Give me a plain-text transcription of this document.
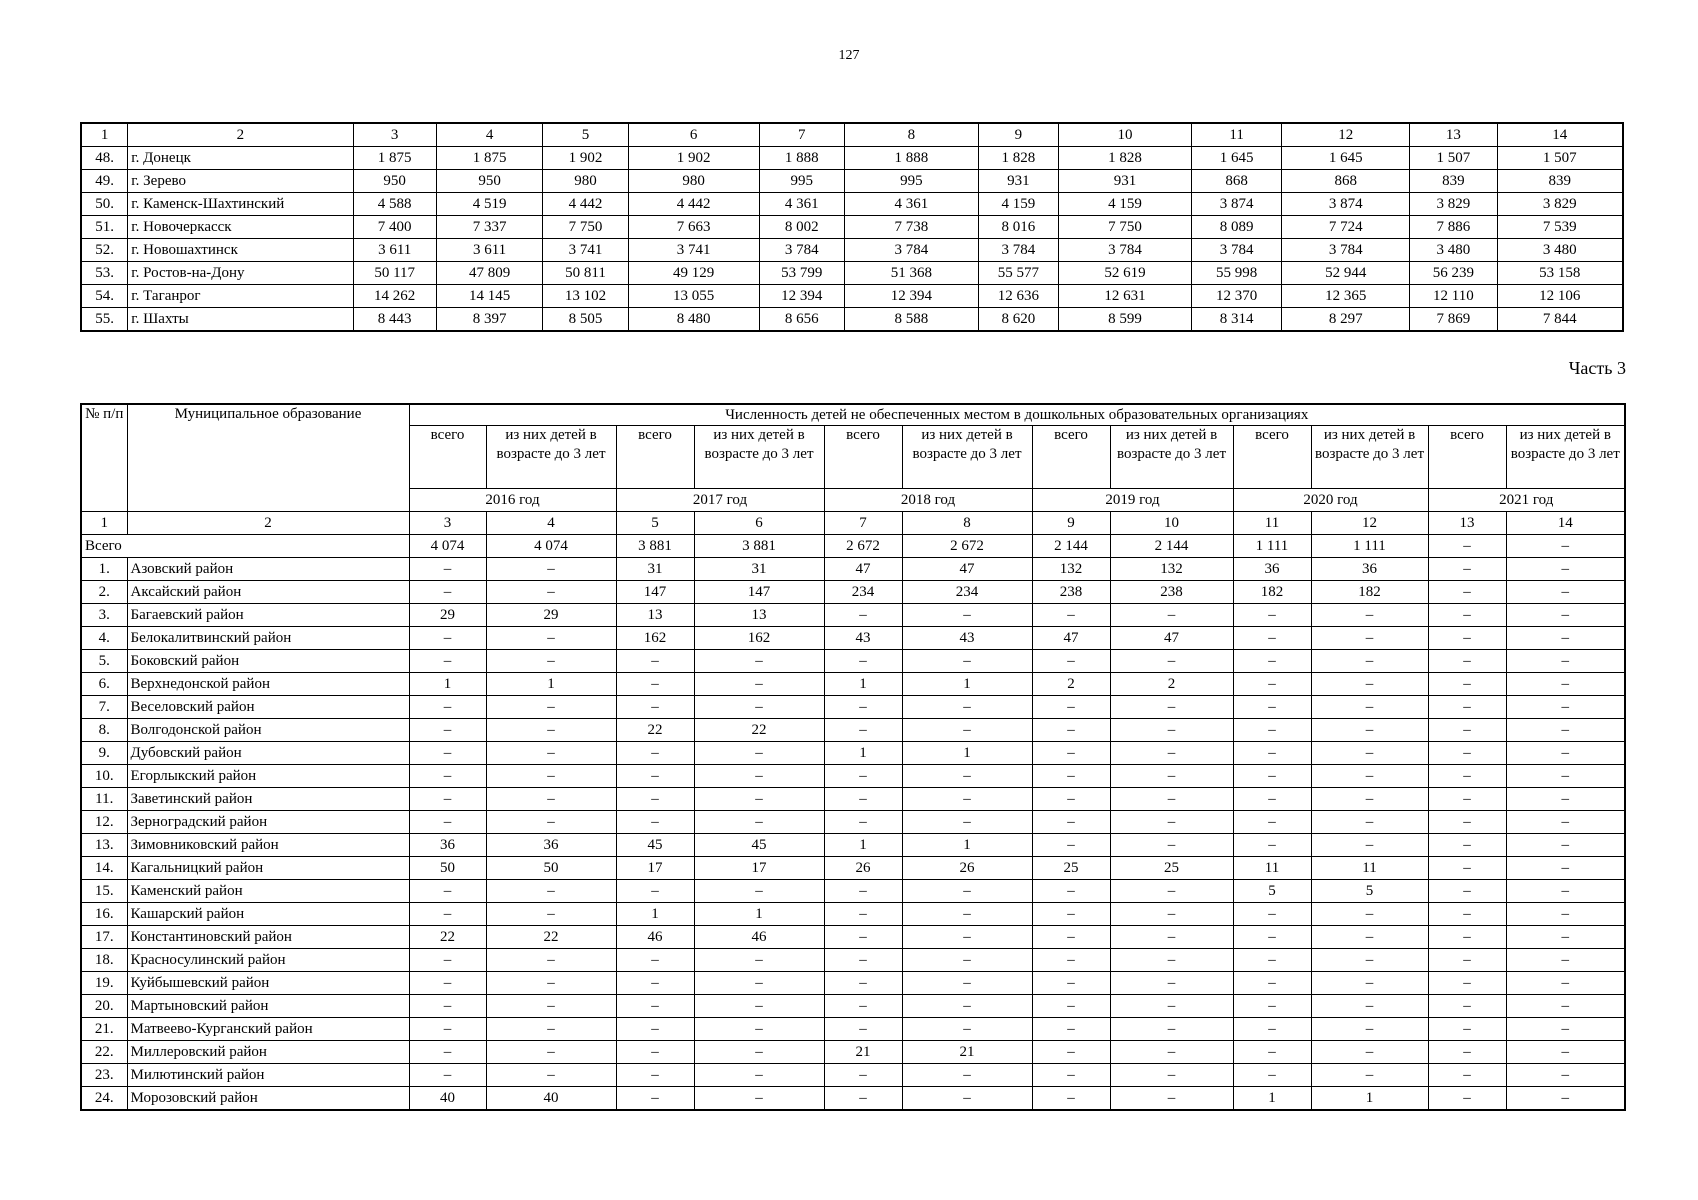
127
1	2	3	4	5	6	7	8	9	10	11	12	13	14
48.	г. Донецк	1 875	1 875	1 902	1 902	1 888	1 888	1 828	1 828	1 645	1 645	1 507	1 507
49.	г. Зерево	950	950	980	980	995	995	931	931	868	868	839	839
50.	г. Каменск-Шахтинский	4 588	4 519	4 442	4 442	4 361	4 361	4 159	4 159	3 874	3 874	3 829	3 829
51.	г. Новочеркасск	7 400	7 337	7 750	7 663	8 002	7 738	8 016	7 750	8 089	7 724	7 886	7 539
52.	г. Новошахтинск	3 611	3 611	3 741	3 741	3 784	3 784	3 784	3 784	3 784	3 784	3 480	3 480
53.	г. Ростов-на-Дону	50 117	47 809	50 811	49 129	53 799	51 368	55 577	52 619	55 998	52 944	56 239	53 158
54.	г. Таганрог	14 262	14 145	13 102	13 055	12 394	12 394	12 636	12 631	12 370	12 365	12 110	12 106
55.	г. Шахты	8 443	8 397	8 505	8 480	8 656	8 588	8 620	8 599	8 314	8 297	7 869	7 844
Часть 3
№ п/п	Муниципальное образование	Численность детей не обеспеченных местом в дошкольных образовательных организациях											
		всего	из них детей в возрасте до 3 лет	всего	из них детей в возрасте до 3 лет	всего	из них детей в возрасте до 3 лет	всего	из них детей в возрасте до 3 лет	всего	из них детей в возрасте до 3 лет	всего	из них детей в возрасте до 3 лет
		2016 год		2017 год		2018 год		2019 год		2020 год		2021 год	
1	2	3	4	5	6	7	8	9	10	11	12	13	14
Всего		4 074	4 074	3 881	3 881	2 672	2 672	2 144	2 144	1 111	1 111	–	–
1.	Азовский район	–	–	31	31	47	47	132	132	36	36	–	–
2.	Аксайский район	–	–	147	147	234	234	238	238	182	182	–	–
3.	Багаевский район	29	29	13	13	–	–	–	–	–	–	–	–
4.	Белокалитвинский район	–	–	162	162	43	43	47	47	–	–	–	–
5.	Боковский район	–	–	–	–	–	–	–	–	–	–	–	–
6.	Верхнедонской район	1	1	–	–	1	1	2	2	–	–	–	–
7.	Веселовский район	–	–	–	–	–	–	–	–	–	–	–	–
8.	Волгодонской район	–	–	22	22	–	–	–	–	–	–	–	–
9.	Дубовский район	–	–	–	–	1	1	–	–	–	–	–	–
10.	Егорлыкский район	–	–	–	–	–	–	–	–	–	–	–	–
11.	Заветинский район	–	–	–	–	–	–	–	–	–	–	–	–
12.	Зерноградский район	–	–	–	–	–	–	–	–	–	–	–	–
13.	Зимовниковский район	36	36	45	45	1	1	–	–	–	–	–	–
14.	Кагальницкий район	50	50	17	17	26	26	25	25	11	11	–	–
15.	Каменский район	–	–	–	–	–	–	–	–	5	5	–	–
16.	Кашарский район	–	–	1	1	–	–	–	–	–	–	–	–
17.	Константиновский район	22	22	46	46	–	–	–	–	–	–	–	–
18.	Красносулинский район	–	–	–	–	–	–	–	–	–	–	–	–
19.	Куйбышевский район	–	–	–	–	–	–	–	–	–	–	–	–
20.	Мартыновский район	–	–	–	–	–	–	–	–	–	–	–	–
21.	Матвеево-Курганский район	–	–	–	–	–	–	–	–	–	–	–	–
22.	Миллеровский район	–	–	–	–	21	21	–	–	–	–	–	–
23.	Милютинский район	–	–	–	–	–	–	–	–	–	–	–	–
24.	Морозовский район	40	40	–	–	–	–	–	–	1	1	–	–
